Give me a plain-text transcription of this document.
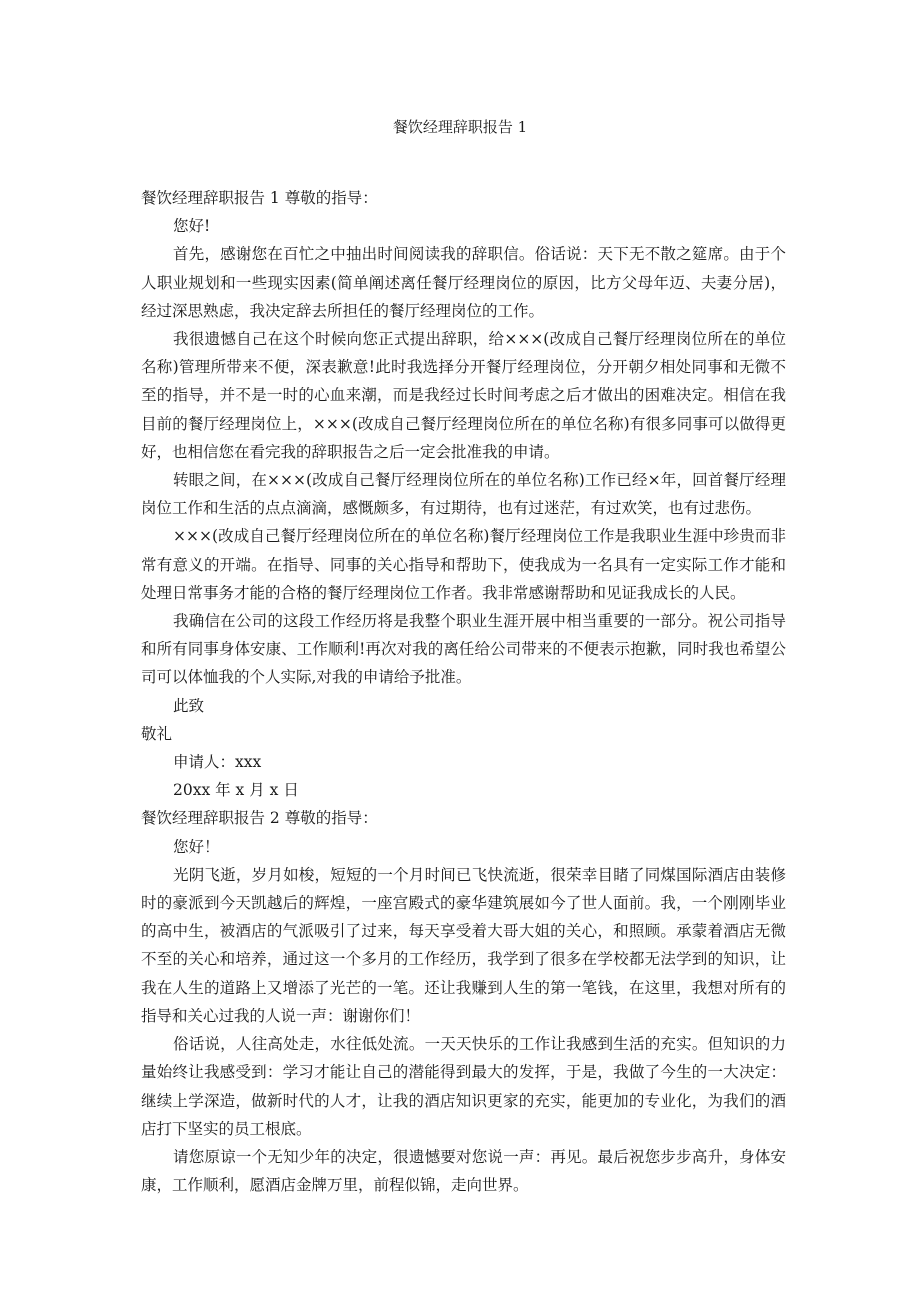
餐饮经理辞职报告 1

餐饮经理辞职报告 1 尊敬的指导：

您好!

首先，感谢您在百忙之中抽出时间阅读我的辞职信。俗话说：天下无不散之筵席。由于个人职业规划和一些现实因素(简单阐述离任餐厅经理岗位的原因，比方父母年迈、夫妻分居)，经过深思熟虑，我决定辞去所担任的餐厅经理岗位的工作。

我很遗憾自己在这个时候向您正式提出辞职，给×××(改成自己餐厅经理岗位所在的单位名称)管理所带来不便，深表歉意!此时我选择分开餐厅经理岗位，分开朝夕相处同事和无微不至的指导，并不是一时的心血来潮，而是我经过长时间考虑之后才做出的困难决定。相信在我目前的餐厅经理岗位上，×××(改成自己餐厅经理岗位所在的单位名称)有很多同事可以做得更好，也相信您在看完我的辞职报告之后一定会批准我的申请。

转眼之间，在×××(改成自己餐厅经理岗位所在的单位名称)工作已经×年，回首餐厅经理岗位工作和生活的点点滴滴，感慨颇多，有过期待，也有过迷茫，有过欢笑，也有过悲伤。

×××(改成自己餐厅经理岗位所在的单位名称)餐厅经理岗位工作是我职业生涯中珍贵而非常有意义的开端。在指导、同事的关心指导和帮助下，使我成为一名具有一定实际工作才能和处理日常事务才能的合格的餐厅经理岗位工作者。我非常感谢帮助和见证我成长的人民。

我确信在公司的这段工作经历将是我整个职业生涯开展中相当重要的一部分。祝公司指导和所有同事身体安康、工作顺利!再次对我的离任给公司带来的不便表示抱歉，同时我也希望公司可以体恤我的个人实际,对我的申请给予批准。

此致

敬礼

申请人：xxx

20xx 年 x 月 x 日

餐饮经理辞职报告 2 尊敬的指导：

您好！

光阴飞逝，岁月如梭，短短的一个月时间已飞快流逝，很荣幸目睹了同煤国际酒店由装修时的豪派到今天凯越后的辉煌，一座宫殿式的豪华建筑展如今了世人面前。我，一个刚刚毕业的高中生，被酒店的气派吸引了过来，每天享受着大哥大姐的关心，和照顾。承蒙着酒店无微不至的关心和培养，通过这一个多月的工作经历，我学到了很多在学校都无法学到的知识，让我在人生的道路上又增添了光芒的一笔。还让我赚到人生的第一笔钱，在这里，我想对所有的指导和关心过我的人说一声：谢谢你们！

俗话说，人往高处走，水往低处流。一天天快乐的工作让我感到生活的充实。但知识的力量始终让我感受到：学习才能让自己的潜能得到最大的发挥，于是，我做了今生的一大决定：继续上学深造，做新时代的人才，让我的酒店知识更家的充实，能更加的专业化，为我们的酒店打下坚实的员工根底。

请您原谅一个无知少年的决定，很遗憾要对您说一声：再见。最后祝您步步高升，身体安康，工作顺利，愿酒店金牌万里，前程似锦，走向世界。
